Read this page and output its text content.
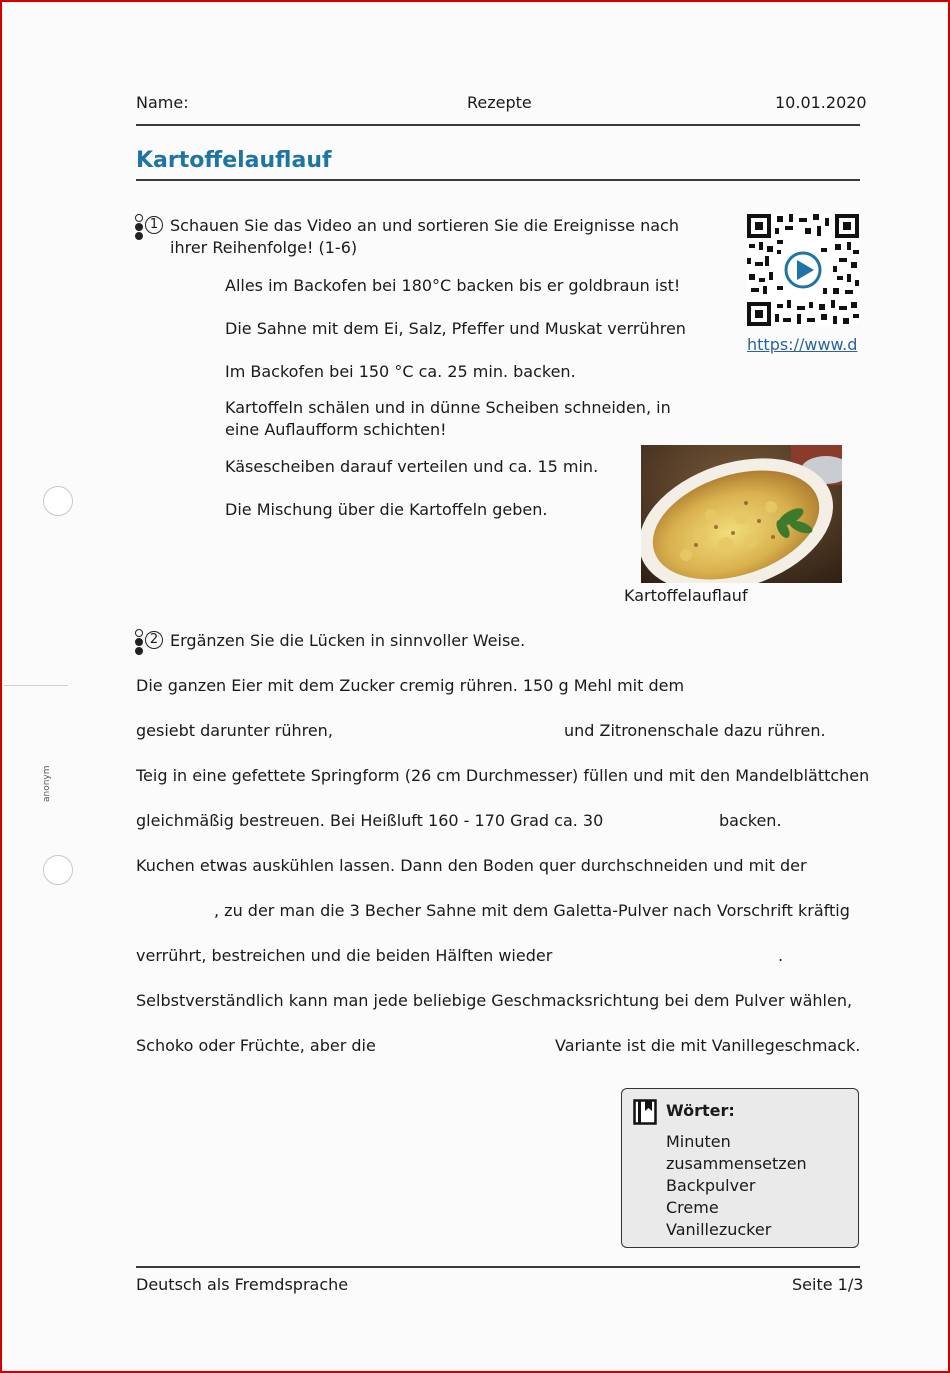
Name:	Rezepte	10.01.2020
Kartoffelauflauf
anonym
1 Schauen Sie das Video an und sortieren Sie die Ereignisse nach
ihrer Reihenfolge! (1-6)
Alles im Backofen bei 180°C backen bis er goldbraun ist!
Die Sahne mit dem Ei, Salz, Pfeffer und Muskat verrühren
Im Backofen bei 150 °C ca. 25 min. backen.
Kartoffeln schälen und in dünne Scheiben schneiden, in
eine Auflaufform schichten!
Käsescheiben darauf verteilen und ca. 15 min.
Die Mischung über die Kartoffeln geben.
https://www.d
Kartoffelauflauf
2 Ergänzen Sie die Lücken in sinnvoller Weise.
Die ganzen Eier mit dem Zucker cremig rühren. 150 g Mehl mit dem
gesiebt darunter rühren,	und Zitronenschale dazu rühren.
Teig in eine gefettete Springform (26 cm Durchmesser) füllen und mit den Mandelblättchen
gleichmäßig bestreuen. Bei Heißluft 160 - 170 Grad ca. 30	backen.
Kuchen etwas auskühlen lassen. Dann den Boden quer durchschneiden und mit der
, zu der man die 3 Becher Sahne mit dem Galetta-Pulver nach Vorschrift kräftig
verrührt, bestreichen und die beiden Hälften wieder	.
Selbstverständlich kann man jede beliebige Geschmacksrichtung bei dem Pulver wählen,
Schoko oder Früchte, aber die	Variante ist die mit Vanillegeschmack.
Wörter:
Minuten
zusammensetzen
Backpulver
Creme
Vanillezucker
Deutsch als Fremdsprache	Seite 1/3
